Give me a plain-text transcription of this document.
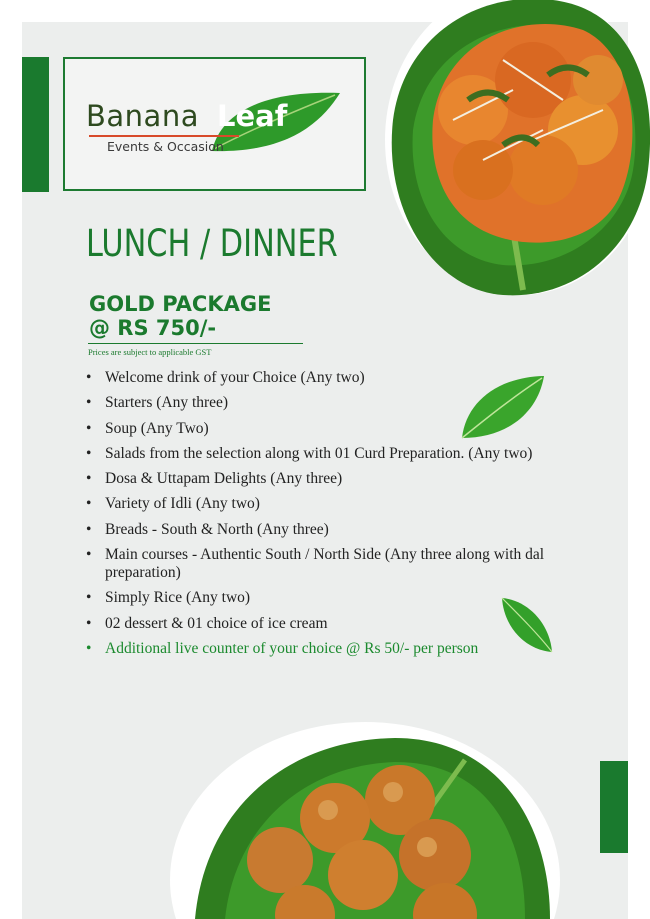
Banana Leaf
Events & Occasion
LUNCH / DINNER
GOLD PACKAGE
@ RS 750/-
Prices are subject to applicable GST
• Welcome drink of your Choice (Any two)
• Starters (Any three)
• Soup (Any Two)
• Salads from the selection along with 01 Curd Preparation. (Any two)
• Dosa & Uttapam Delights (Any three)
• Variety of Idli (Any two)
• Breads - South & North (Any three)
• Main courses - Authentic South / North Side (Any three along with dal preparation)
• Simply Rice (Any two)
• 02 dessert & 01 choice of ice cream
• Additional live counter of your choice @ Rs 50/- per person
